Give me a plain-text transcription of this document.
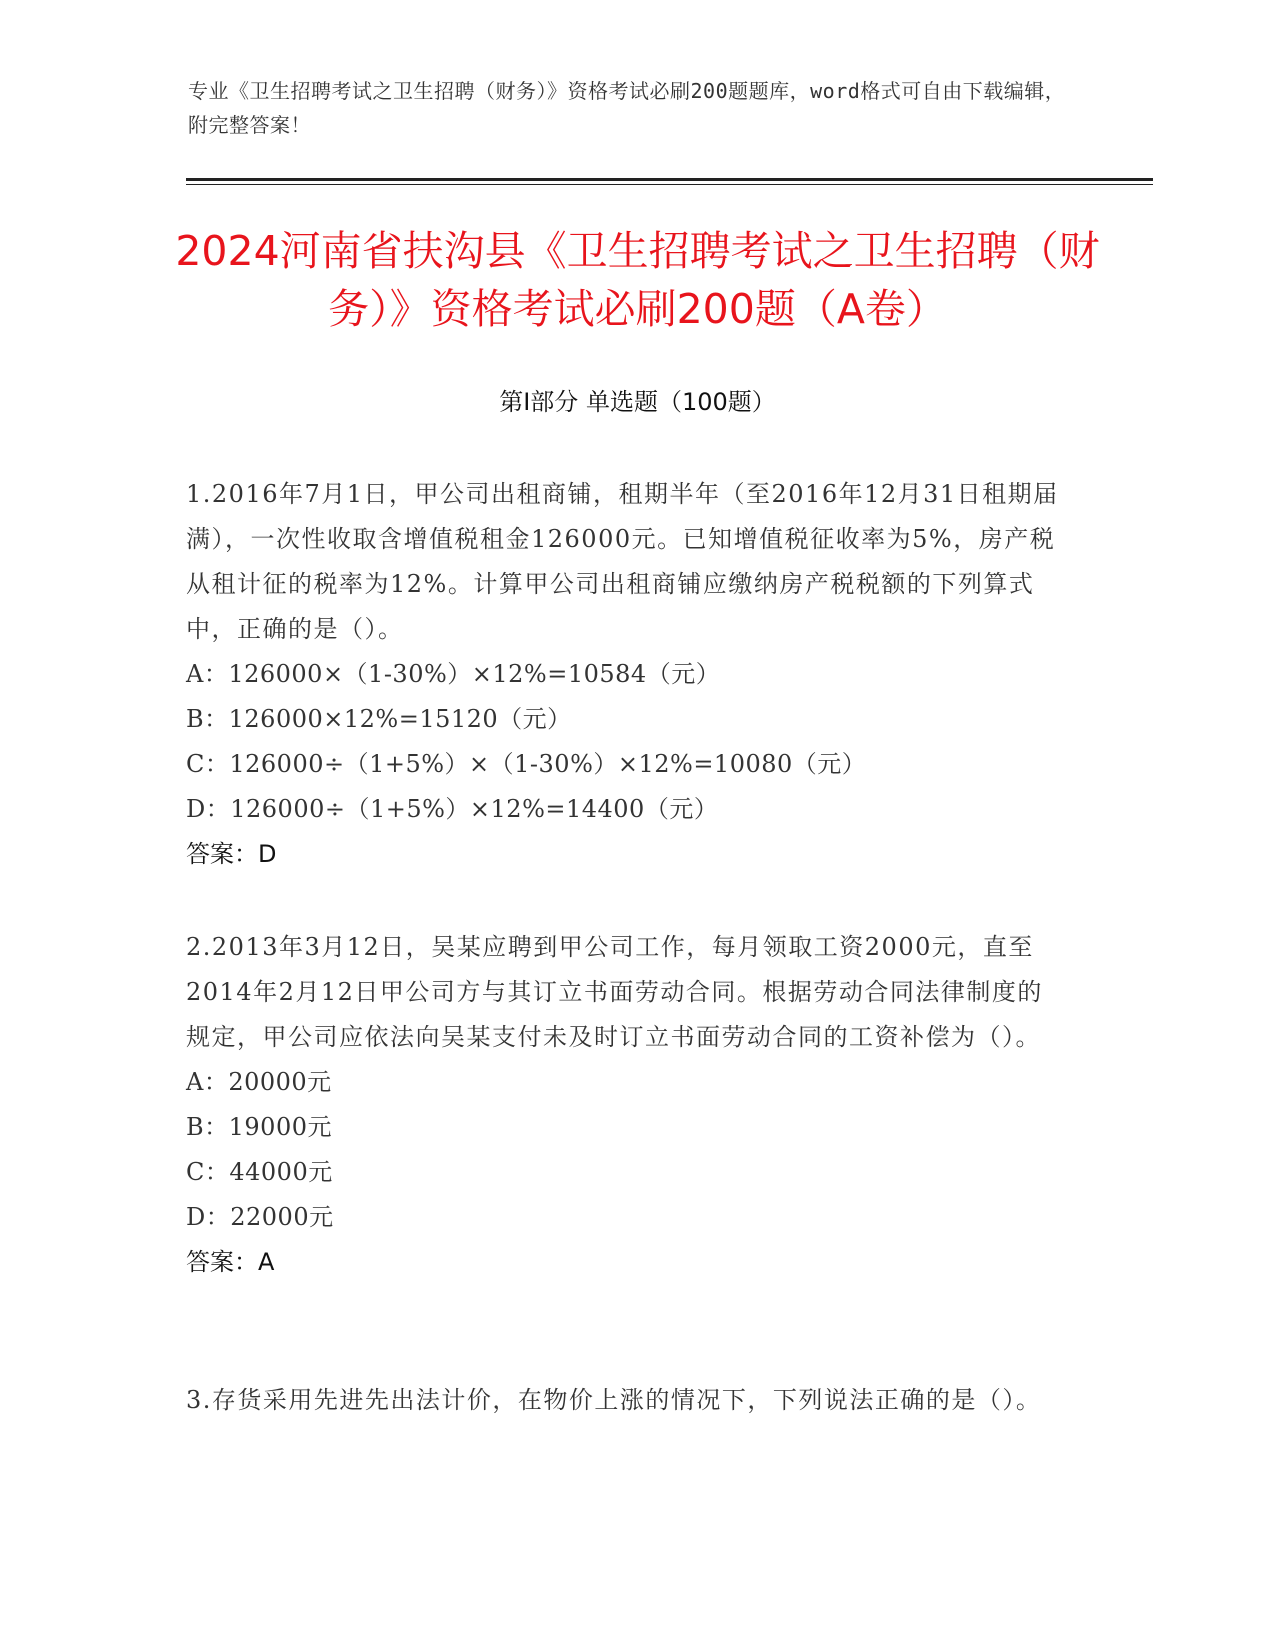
专业《卫生招聘考试之卫生招聘（财务）》资格考试必刷200题题库，word格式可自由下载编辑，附完整答案！
2024河南省扶沟县《卫生招聘考试之卫生招聘（财务）》资格考试必刷200题（A卷）
第Ⅰ部分 单选题（100题）

1.2016年7月1日，甲公司出租商铺，租期半年（至2016年12月31日租期届满），一次性收取含增值税租金126000元。已知增值税征收率为5%，房产税从租计征的税率为12%。计算甲公司出租商铺应缴纳房产税税额的下列算式中，正确的是（）。

A：126000×（1-30%）×12%=10584（元）

B：126000×12%=15120（元）

C：126000÷（1+5%）×（1-30%）×12%=10080（元）

D：126000÷（1+5%）×12%=14400（元）

答案：D

2.2013年3月12日，吴某应聘到甲公司工作，每月领取工资2000元，直至2014年2月12日甲公司方与其订立书面劳动合同。根据劳动合同法律制度的规定，甲公司应依法向吴某支付未及时订立书面劳动合同的工资补偿为（）。

A：20000元

B：19000元

C：44000元

D：22000元

答案：A

3.存货采用先进先出法计价，在物价上涨的情况下，下列说法正确的是（）。
